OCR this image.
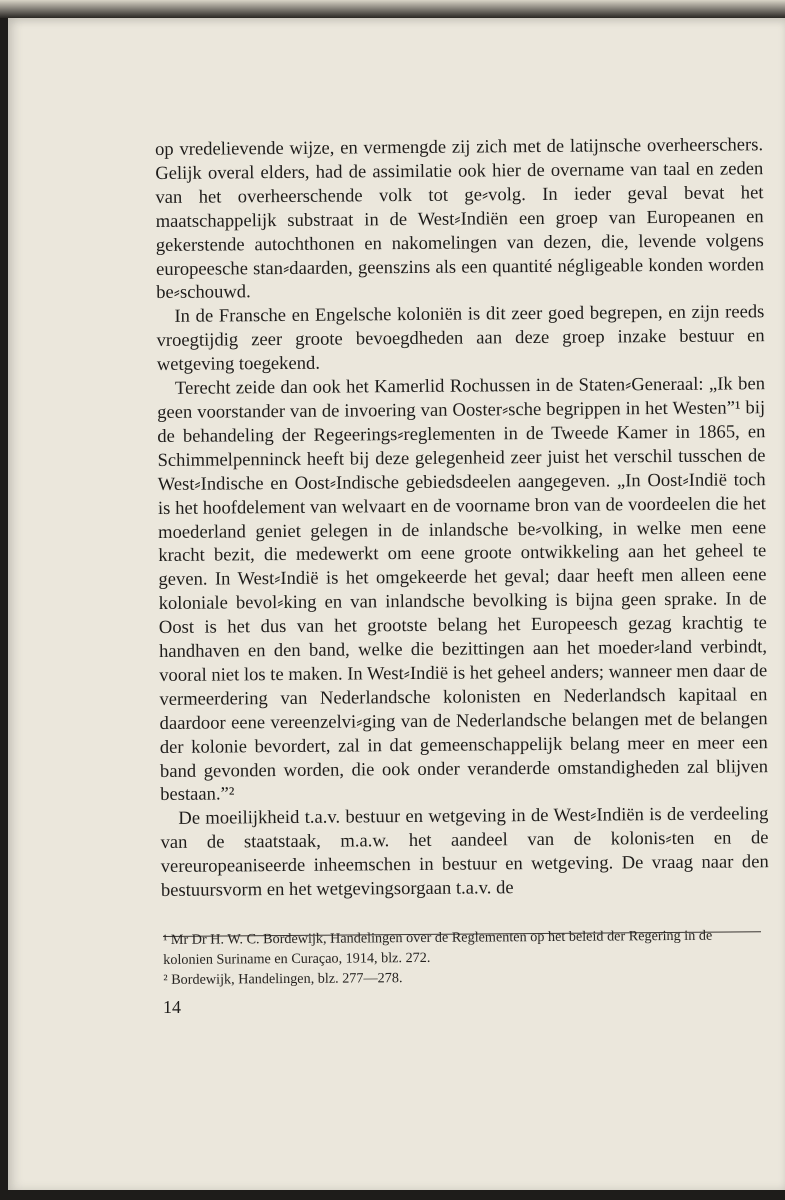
op vredelievende wijze, en vermengde zij zich met de latijnsche overheerschers. Gelijk overal elders, had de assimilatie ook hier de overname van taal en zeden van het overheerschende volk tot ge⸗volg. In ieder geval bevat het maatschappelijk substraat in de West⸗Indiën een groep van Europeanen en gekerstende autochthonen en nakomelingen van dezen, die, levende volgens europeesche stan⸗daarden, geenszins als een quantité négligeable konden worden be⸗schouwd.

In de Fransche en Engelsche koloniën is dit zeer goed begrepen, en zijn reeds vroegtijdig zeer groote bevoegdheden aan deze groep inzake bestuur en wetgeving toegekend.

Terecht zeide dan ook het Kamerlid Rochussen in de Staten⸗Generaal: „Ik ben geen voorstander van de invoering van Ooster⸗sche begrippen in het Westen”¹ bij de behandeling der Regeerings⸗reglementen in de Tweede Kamer in 1865, en Schimmelpenninck heeft bij deze gelegenheid zeer juist het verschil tusschen de West⸗Indische en Oost⸗Indische gebiedsdeelen aangegeven. „In Oost⸗Indië toch is het hoofdelement van welvaart en de voorname bron van de voordeelen die het moederland geniet gelegen in de inlandsche be⸗volking, in welke men eene kracht bezit, die medewerkt om eene groote ontwikkeling aan het geheel te geven. In West⸗Indië is het omgekeerde het geval; daar heeft men alleen eene koloniale bevol⸗king en van inlandsche bevolking is bijna geen sprake. In de Oost is het dus van het grootste belang het Europeesch gezag krachtig te handhaven en den band, welke die bezittingen aan het moeder⸗land verbindt, vooral niet los te maken. In West⸗Indië is het geheel anders; wanneer men daar de vermeerdering van Nederlandsche kolonisten en Nederlandsch kapitaal en daardoor eene vereenzelvi⸗ging van de Nederlandsche belangen met de belangen der kolonie bevordert, zal in dat gemeenschappelijk belang meer en meer een band gevonden worden, die ook onder veranderde omstandigheden zal blijven bestaan.”²

De moeilijkheid t.a.v. bestuur en wetgeving in de West⸗Indiën is de verdeeling van de staatstaak, m.a.w. het aandeel van de kolonis⸗ten en de vereuropeaniseerde inheemschen in bestuur en wetgeving. De vraag naar den bestuursvorm en het wetgevingsorgaan t.a.v. de

¹ Mr Dr H. W. C. Bordewijk, Handelingen over de Reglementen op het beleid der Regering in de kolonien Suriname en Curaçao, 1914, blz. 272.

² Bordewijk, Handelingen, blz. 277—278.

14
